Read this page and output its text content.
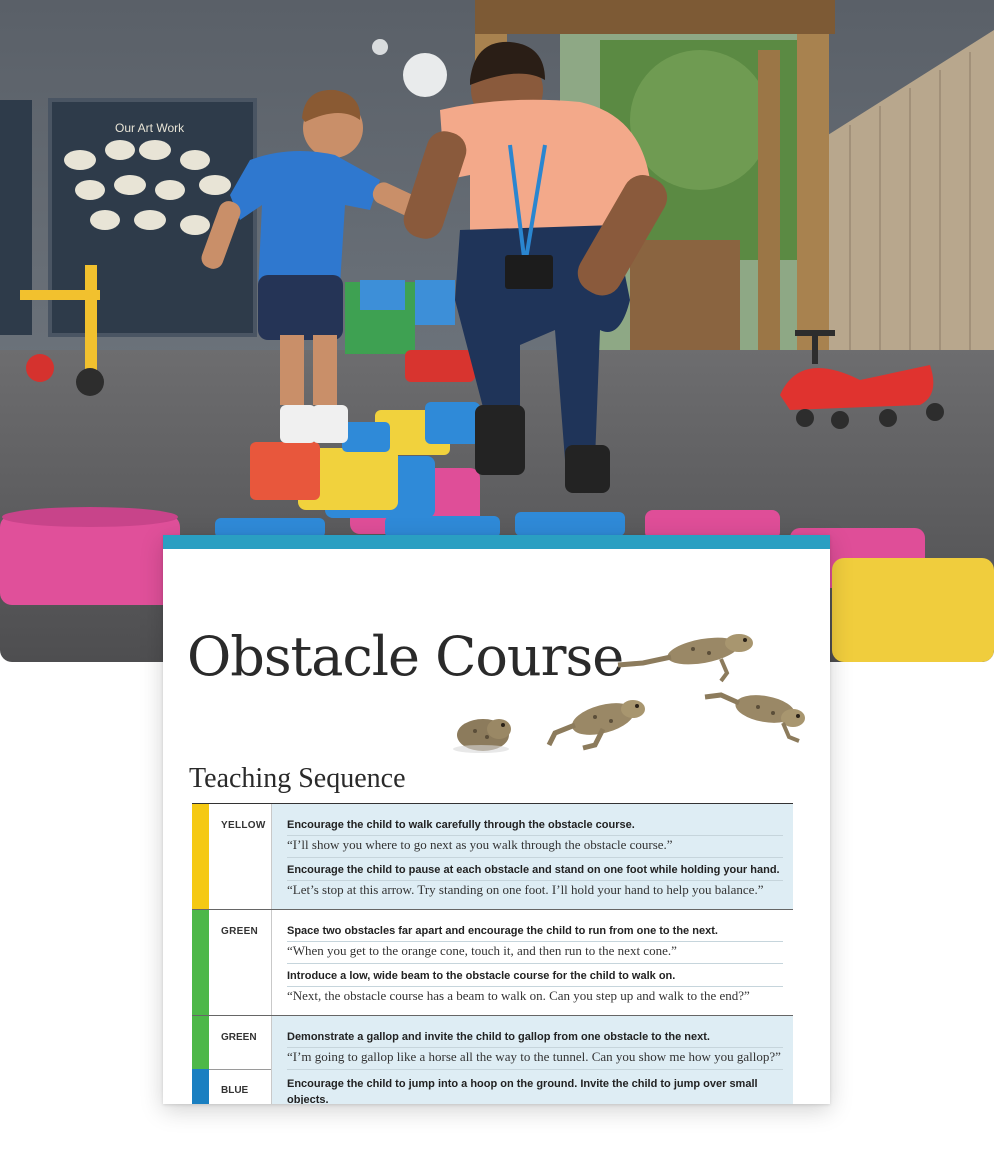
Our Art Work
Obstacle Course
Teaching Sequence
YELLOW Encourage the child to walk carefully through the obstacle course.
“I’ll show you where to go next as you walk through the obstacle course.”
Encourage the child to pause at each obstacle and stand on one foot while holding your hand.
“Let’s stop at this arrow. Try standing on one foot. I’ll hold your hand to help you balance.”
GREEN	Space two obstacles far apart and encourage the child to run from one to the next.
“When you get to the orange cone, touch it, and then run to the next cone.”
Introduce a low, wide beam to the obstacle course for the child to walk on.
“Next, the obstacle course has a beam to walk on. Can you step up and walk to the end?”
GREEN
BLUE
Demonstrate a gallop and invite the child to gallop from one obstacle to the next.
“I’m going to gallop like a horse all the way to the tunnel. Can you show me how you gallop?”
Encourage the child to jump into a hoop on the ground. Invite the child to jump over small objects.
